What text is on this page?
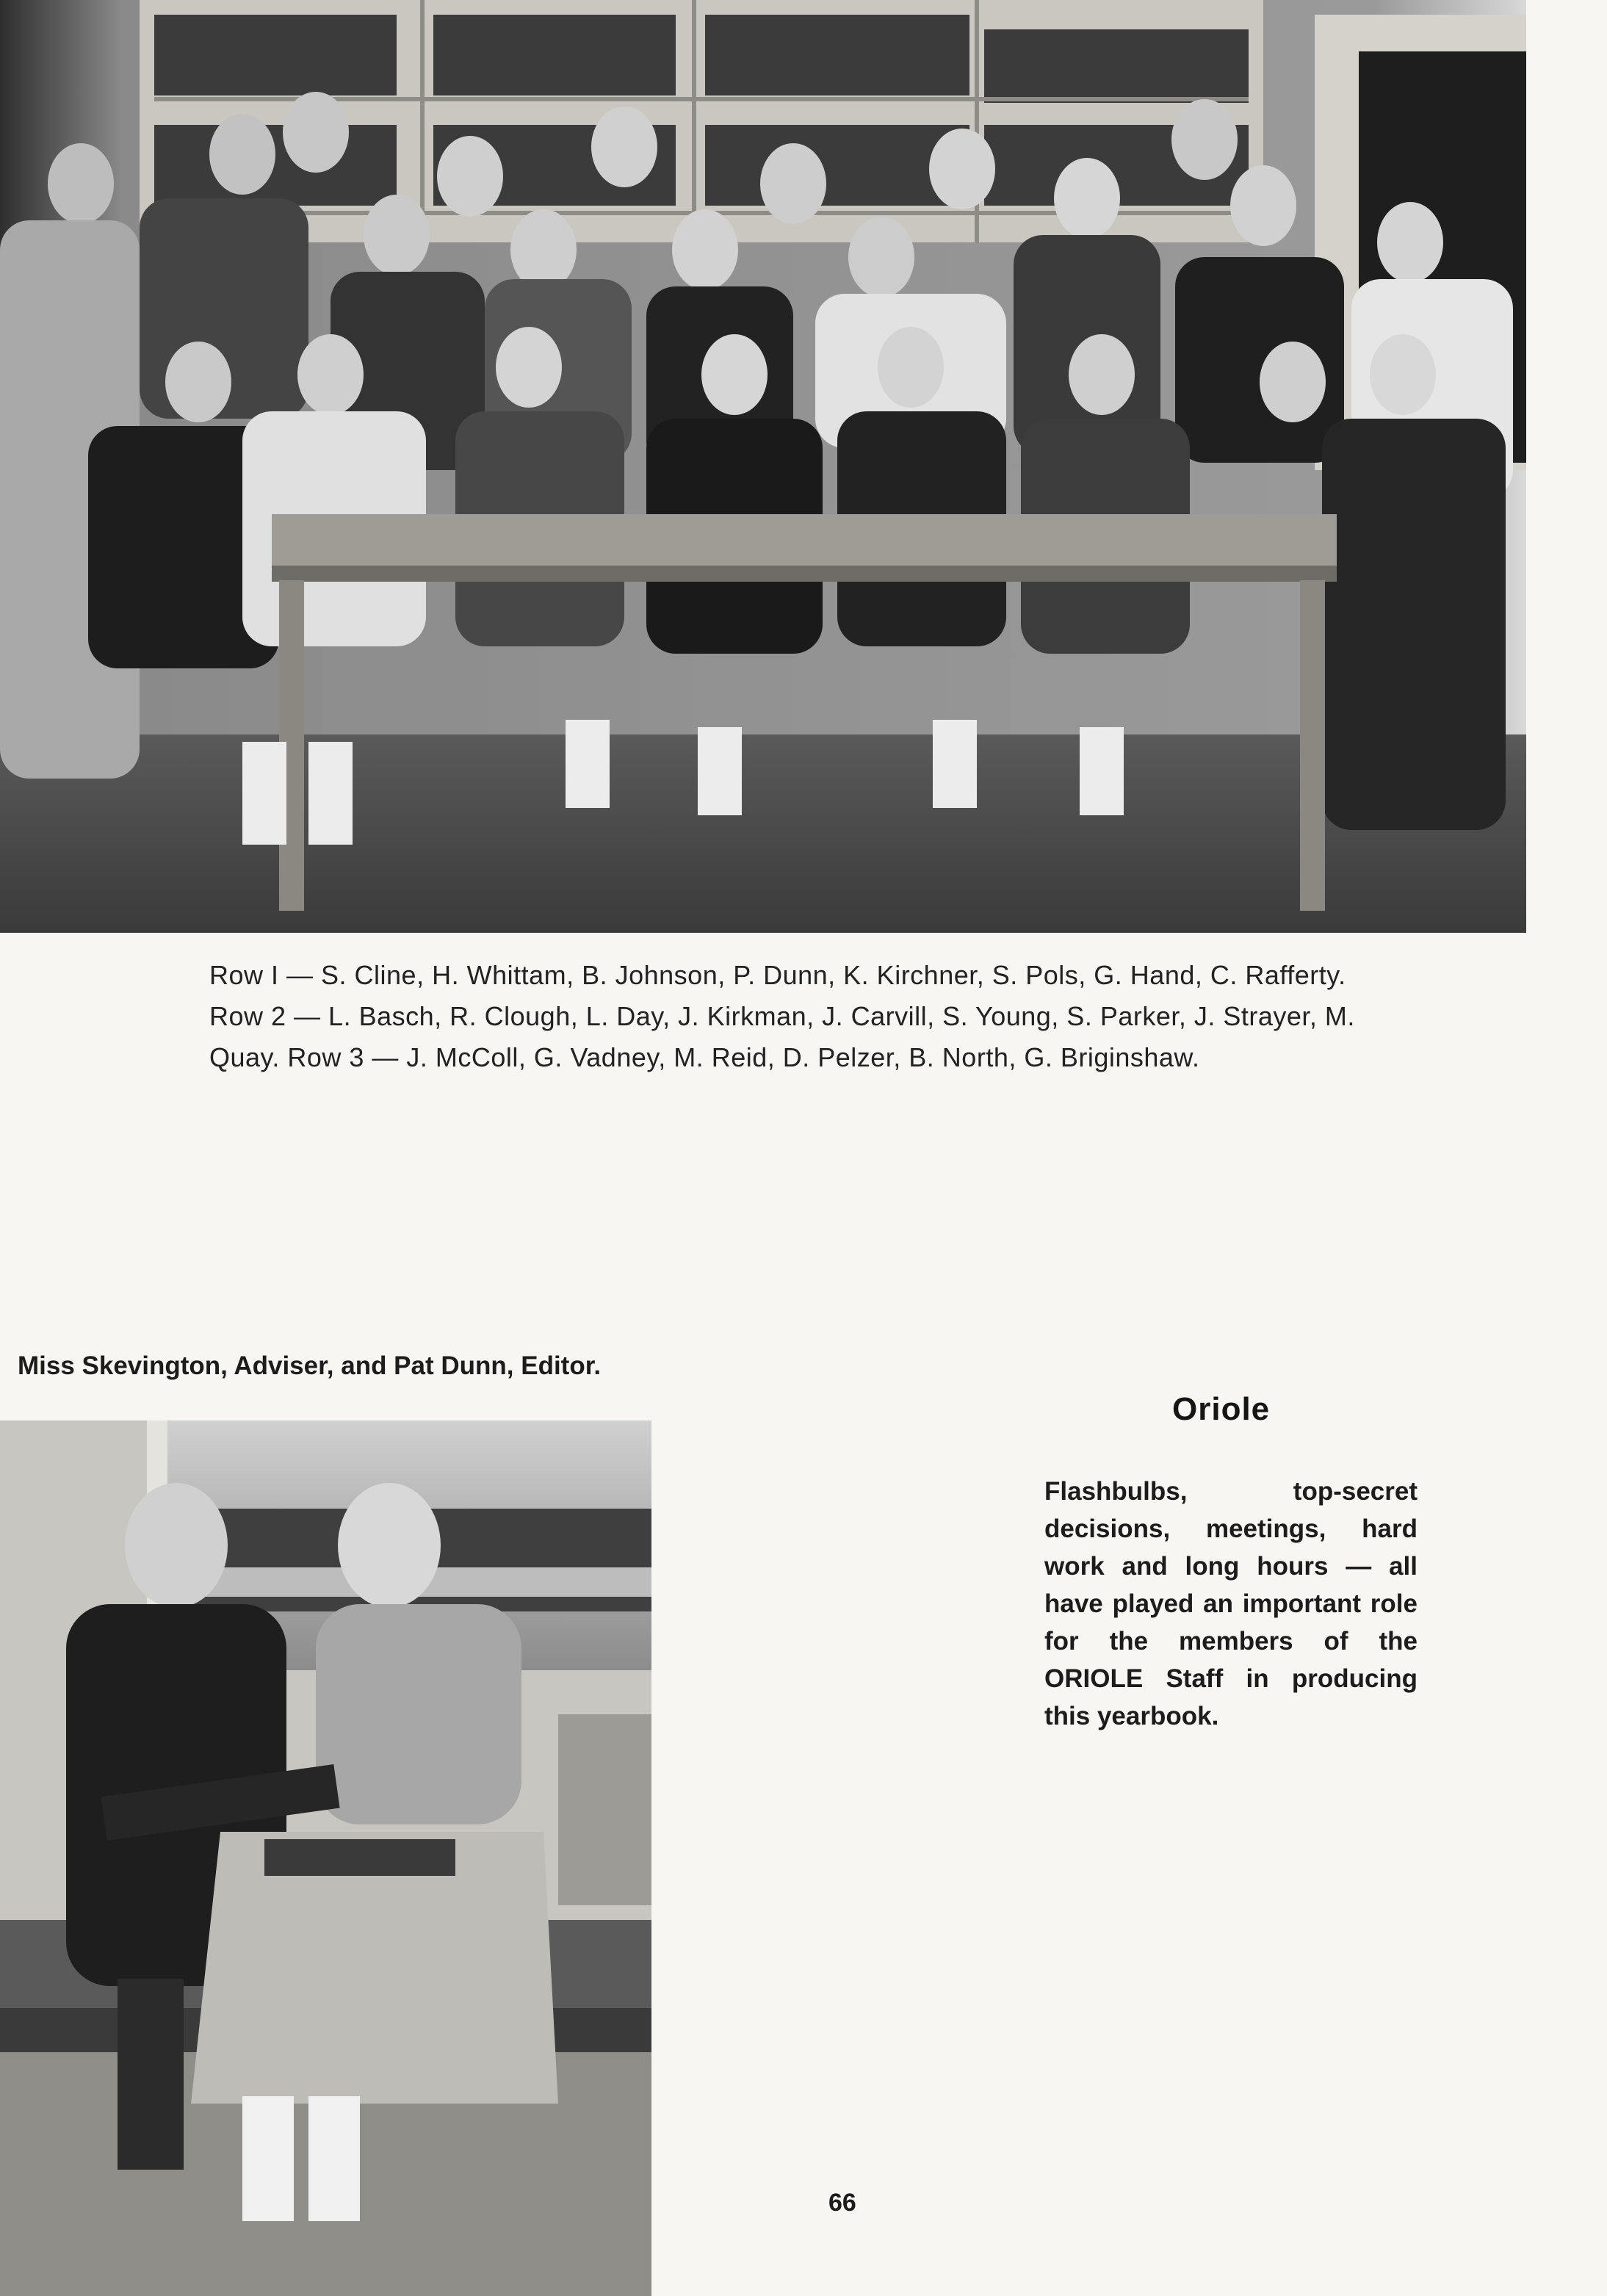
Row I — S. Cline, H. Whittam, B. Johnson, P. Dunn, K. Kirchner, S. Pols, G. Hand, C. Rafferty. Row 2 — L. Basch, R. Clough, L. Day, J. Kirkman, J. Carvill, S. Young, S. Parker, J. Strayer, M. Quay. Row 3 — J. McColl, G. Vadney, M. Reid, D. Pelzer, B. North, G. Briginshaw.
Miss Skevington, Adviser, and Pat Dunn, Editor.
Oriole
Flashbulbs, top-secret decisions, meetings, hard work and long hours — all have played an important role for the members of the ORIOLE Staff in producing this yearbook.
66
